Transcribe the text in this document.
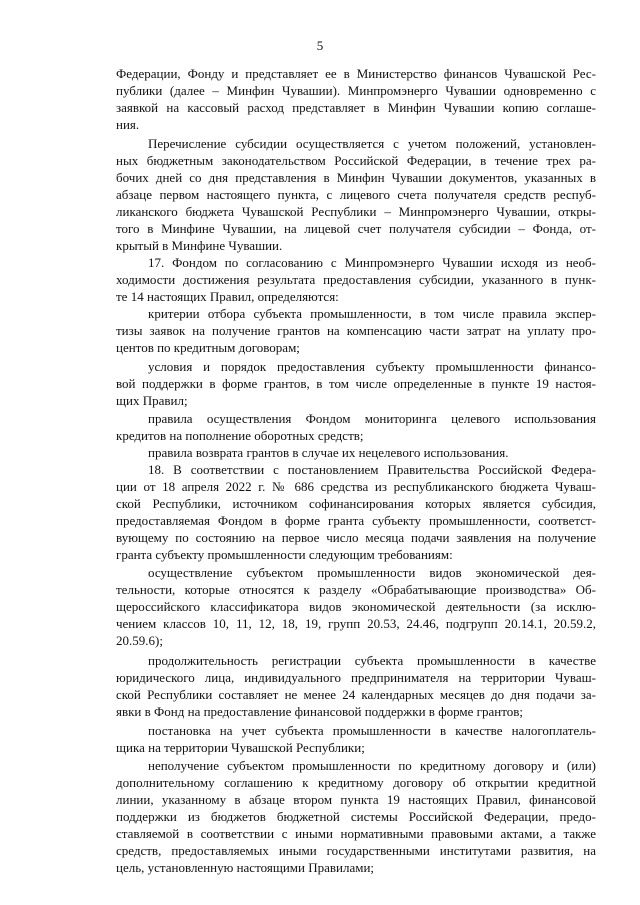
5
Федерации, Фонду и представляет ее в Министерство финансов Чувашской Рес-
публики (далее – Минфин Чувашии). Минпромэнерго Чувашии одновременно с
заявкой на кассовый расход представляет в Минфин Чувашии копию соглаше-
ния.
Перечисление субсидии осуществляется с учетом положений, установлен-
ных бюджетным законодательством Российской Федерации, в течение трех ра-
бочих дней со дня представления в Минфин Чувашии документов, указанных в
абзаце первом настоящего пункта, с лицевого счета получателя средств респуб-
ликанского бюджета Чувашской Республики – Минпромэнерго Чувашии, откры-
того в Минфине Чувашии, на лицевой счет получателя субсидии – Фонда, от-
крытый в Минфине Чувашии.
17. Фондом по согласованию с Минпромэнерго Чувашии исходя из необ-
ходимости достижения результата предоставления субсидии, указанного в пунк-
те 14 настоящих Правил, определяются:
критерии отбора субъекта промышленности, в том числе правила экспер-
тизы заявок на получение грантов на компенсацию части затрат на уплату про-
центов по кредитным договорам;
условия и порядок предоставления субъекту промышленности финансо-
вой поддержки в форме грантов, в том числе определенные в пункте 19 настоя-
щих Правил;
правила осуществления Фондом мониторинга целевого использования
кредитов на пополнение оборотных средств;
правила возврата грантов в случае их нецелевого использования.
18. В соответствии с постановлением Правительства Российской Федера-
ции от 18 апреля 2022 г. № 686 средства из республиканского бюджета Чуваш-
ской Республики, источником софинансирования которых является субсидия,
предоставляемая Фондом в форме гранта субъекту промышленности, соответст-
вующему по состоянию на первое число месяца подачи заявления на получение
гранта субъекту промышленности следующим требованиям:
осуществление субъектом промышленности видов экономической дея-
тельности, которые относятся к разделу «Обрабатывающие производства» Об-
щероссийского классификатора видов экономической деятельности (за исклю-
чением классов 10, 11, 12, 18, 19, групп 20.53, 24.46, подгрупп 20.14.1, 20.59.2,
20.59.6);
продолжительность регистрации субъекта промышленности в качестве
юридического лица, индивидуального предпринимателя на территории Чуваш-
ской Республики составляет не менее 24 календарных месяцев до дня подачи за-
явки в Фонд на предоставление финансовой поддержки в форме грантов;
постановка на учет субъекта промышленности в качестве налогоплатель-
щика на территории Чувашской Республики;
неполучение субъектом промышленности по кредитному договору и (или)
дополнительному соглашению к кредитному договору об открытии кредитной
линии, указанному в абзаце втором пункта 19 настоящих Правил, финансовой
поддержки из бюджетов бюджетной системы Российской Федерации, предо-
ставляемой в соответствии с иными нормативными правовыми актами, а также
средств, предоставляемых иными государственными институтами развития, на
цель, установленную настоящими Правилами;
